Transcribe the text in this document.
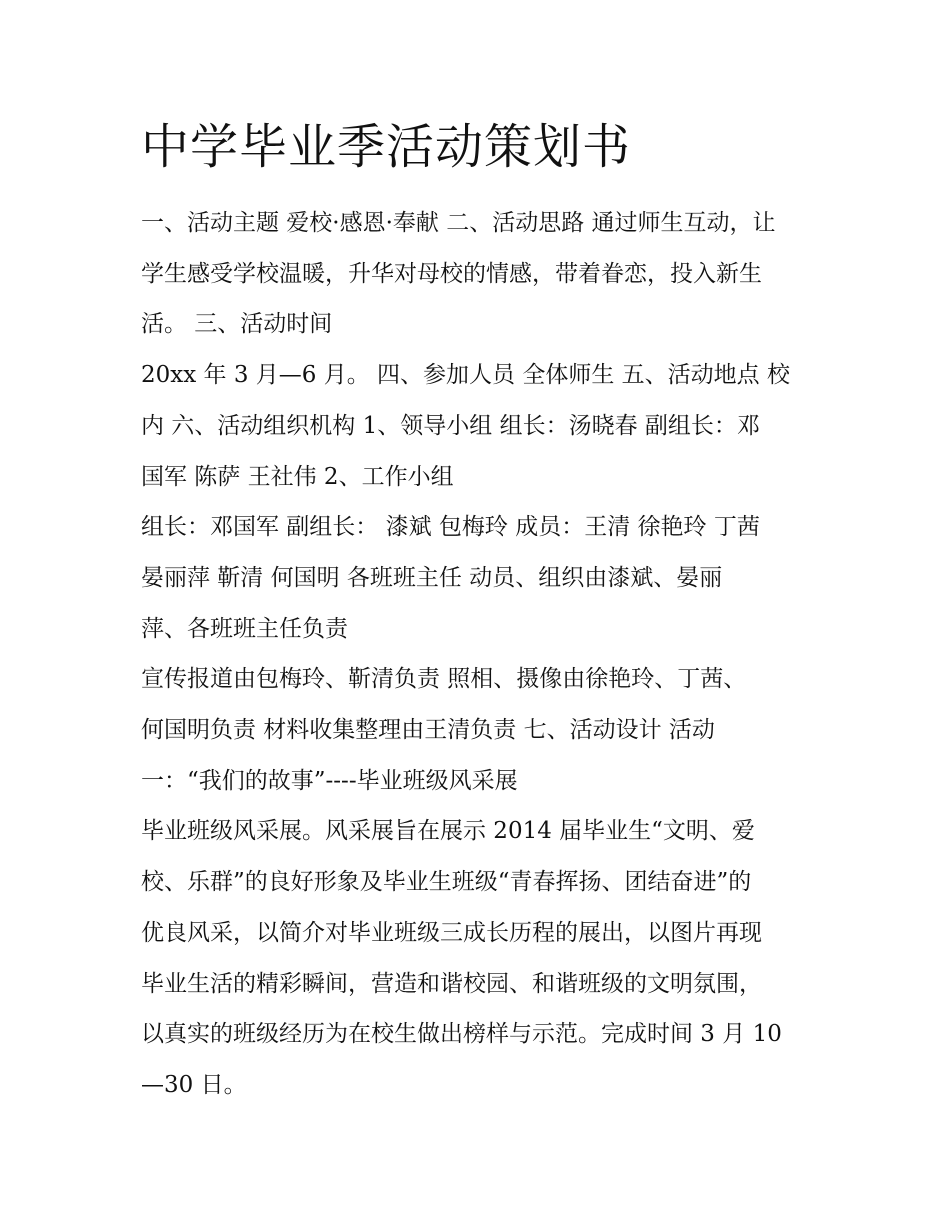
中学毕业季活动策划书

一、活动主题 爱校·感恩·奉献 二、活动思路 通过师生互动，让

学生感受学校温暖，升华对母校的情感，带着眷恋，投入新生

活。 三、活动时间

20xx 年 3 月—6 月。 四、参加人员 全体师生 五、活动地点 校

内 六、活动组织机构 1、领导小组 组长：汤晓春 副组长：邓

国军 陈萨 王社伟 2、工作小组

组长：邓国军 副组长： 漆斌 包梅玲 成员：王清 徐艳玲 丁茜

晏丽萍 靳清 何国明 各班班主任 动员、组织由漆斌、晏丽

萍、各班班主任负责

宣传报道由包梅玲、靳清负责 照相、摄像由徐艳玲、丁茜、

何国明负责 材料收集整理由王清负责 七、活动设计 活动

一：“我们的故事”----毕业班级风采展

毕业班级风采展。风采展旨在展示 2014 届毕业生“文明、爱

校、乐群”的良好形象及毕业生班级“青春挥扬、团结奋进”的

优良风采，以简介对毕业班级三成长历程的展出，以图片再现

毕业生活的精彩瞬间，营造和谐校园、和谐班级的文明氛围，

以真实的班级经历为在校生做出榜样与示范。完成时间 3 月 10

—30 日。
